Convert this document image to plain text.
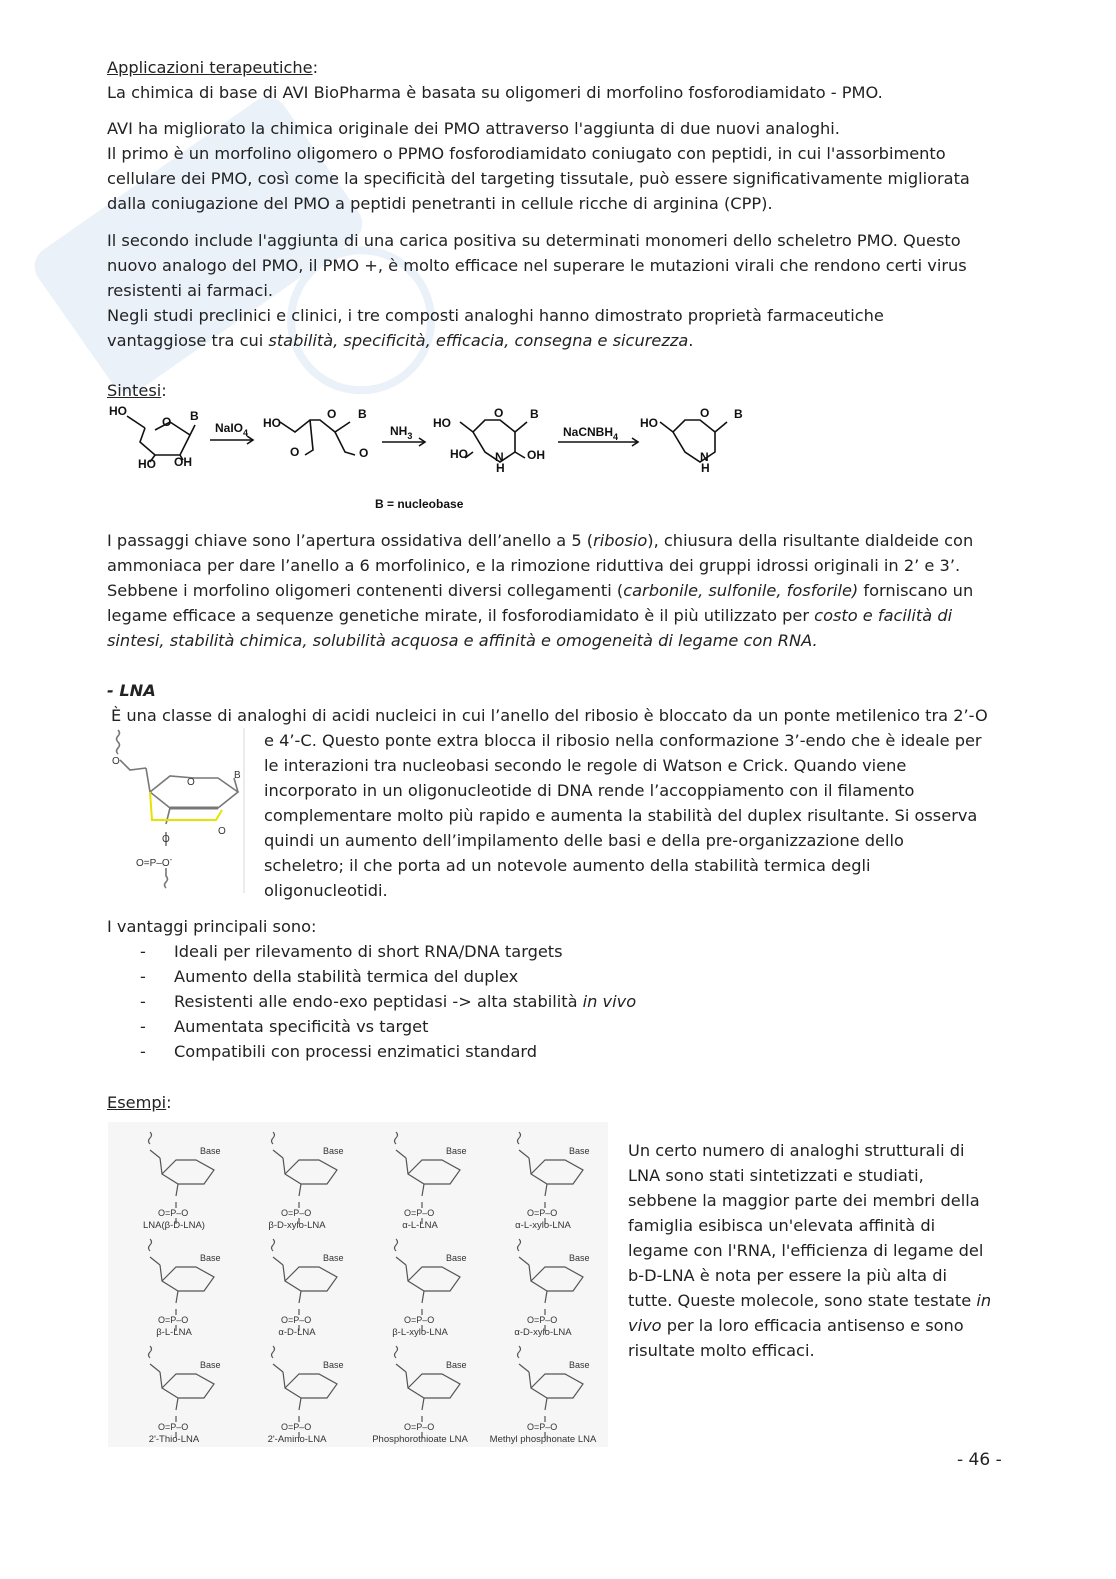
Applicazioni terapeutiche:
La chimica di base di AVI BioPharma è basata su oligomeri di morfolino fosforodiamidato - PMO.
AVI ha migliorato la chimica originale dei PMO attraverso l'aggiunta di due nuovi analoghi.
Il primo è un morfolino oligomero o PPMO fosforodiamidato coniugato con peptidi, in cui l'assorbimento
cellulare dei PMO, così come la specificità del targeting tissutale, può essere significativamente migliorata
dalla coniugazione del PMO a peptidi penetranti in cellule ricche di arginina (CPP).
Il secondo include l'aggiunta di una carica positiva su determinati monomeri dello scheletro PMO. Questo
nuovo analogo del PMO, il PMO +, è molto efficace nel superare le mutazioni virali che rendono certi virus
resistenti ai farmaci.
Negli studi preclinici e clinici, i tre composti analoghi hanno dimostrato proprietà farmaceutiche
vantaggiose tra cui stabilità, specificità, efficacia, consegna e sicurezza.
Sintesi:
HO
O B
HO OH
NaIO$_4$
HO
O B
O	O
$NH_3$
HO
O B
HO N
H
OH
NaCNBH$_4$
HO
O B
N
H
B = nucleobase
I passaggi chiave sono l’apertura ossidativa dell’anello a 5 (ribosio), chiusura della risultante dialdeide con
ammoniaca per dare l’anello a 6 morfolinico, e la rimozione riduttiva dei gruppi idrossi originali in 2’ e 3’.
Sebbene i morfolino oligomeri contenenti diversi collegamenti (carbonile, sulfonile, fosforile) forniscano un
legame efficace a sequenze genetiche mirate, il fosforodiamidato è il più utilizzato per costo e facilità di
sintesi, stabilità chimica, solubilità acquosa e affinità e omogeneità di legame con RNA.
- LNA
È una classe di analoghi di acidi nucleici in cui l’anello del ribosio è bloccato da un ponte metilenico tra 2’-O
O
O
B
O
O
O=P–O-
e 4’-C. Questo ponte extra blocca il ribosio nella conformazione 3’-endo che è ideale per
le interazioni tra nucleobasi secondo le regole di Watson e Crick. Quando viene
incorporato in un oligonucleotide di DNA rende l’accoppiamento con il filamento
complementare molto più rapido e aumenta la stabilità del duplex risultante. Si osserva
quindi un aumento dell’impilamento delle basi e della pre-organizzazione dello
scheletro; il che porta ad un notevole aumento della stabilità termica degli
oligonucleotidi.
I vantaggi principali sono:
- Ideali per rilevamento di short RNA/DNA targets
- Aumento della stabilità termica del duplex
- Resistenti alle endo-exo peptidasi -> alta stabilità in vivo
- Aumentata specificità vs target
- Compatibili con processi enzimatici standard
Esempi:
Base
O=P–O
LNA(β-D-LNA)
Base
O=P–O
β-D-xylo-LNA
Base
O=P–O
α-L-LNA
Base
O=P–O
α-L-xylo-LNA
Base
O=P–O
β-L-LNA
Base
O=P–O
α-D-LNA
Base
O=P–O
β-L-xylo-LNA
Base
O=P–O
α-D-xylo-LNA
Base
O=P–O
2'-Thio-LNA
Base
O=P–O
2'-Amino-LNA
Base
O=P–O
Phosphorothioate LNA
Base
O=P–O
Methyl phosphonate LNA
Un certo numero di analoghi strutturali di
LNA sono stati sintetizzati e studiati,
sebbene la maggior parte dei membri della
famiglia esibisca un'elevata affinità di
legame con l'RNA, l'efficienza di legame del
b-D-LNA è nota per essere la più alta di
tutte. Queste molecole, sono state testate in
vivo per la loro efficacia antisenso e sono
risultate molto efficaci.
- 46 -
